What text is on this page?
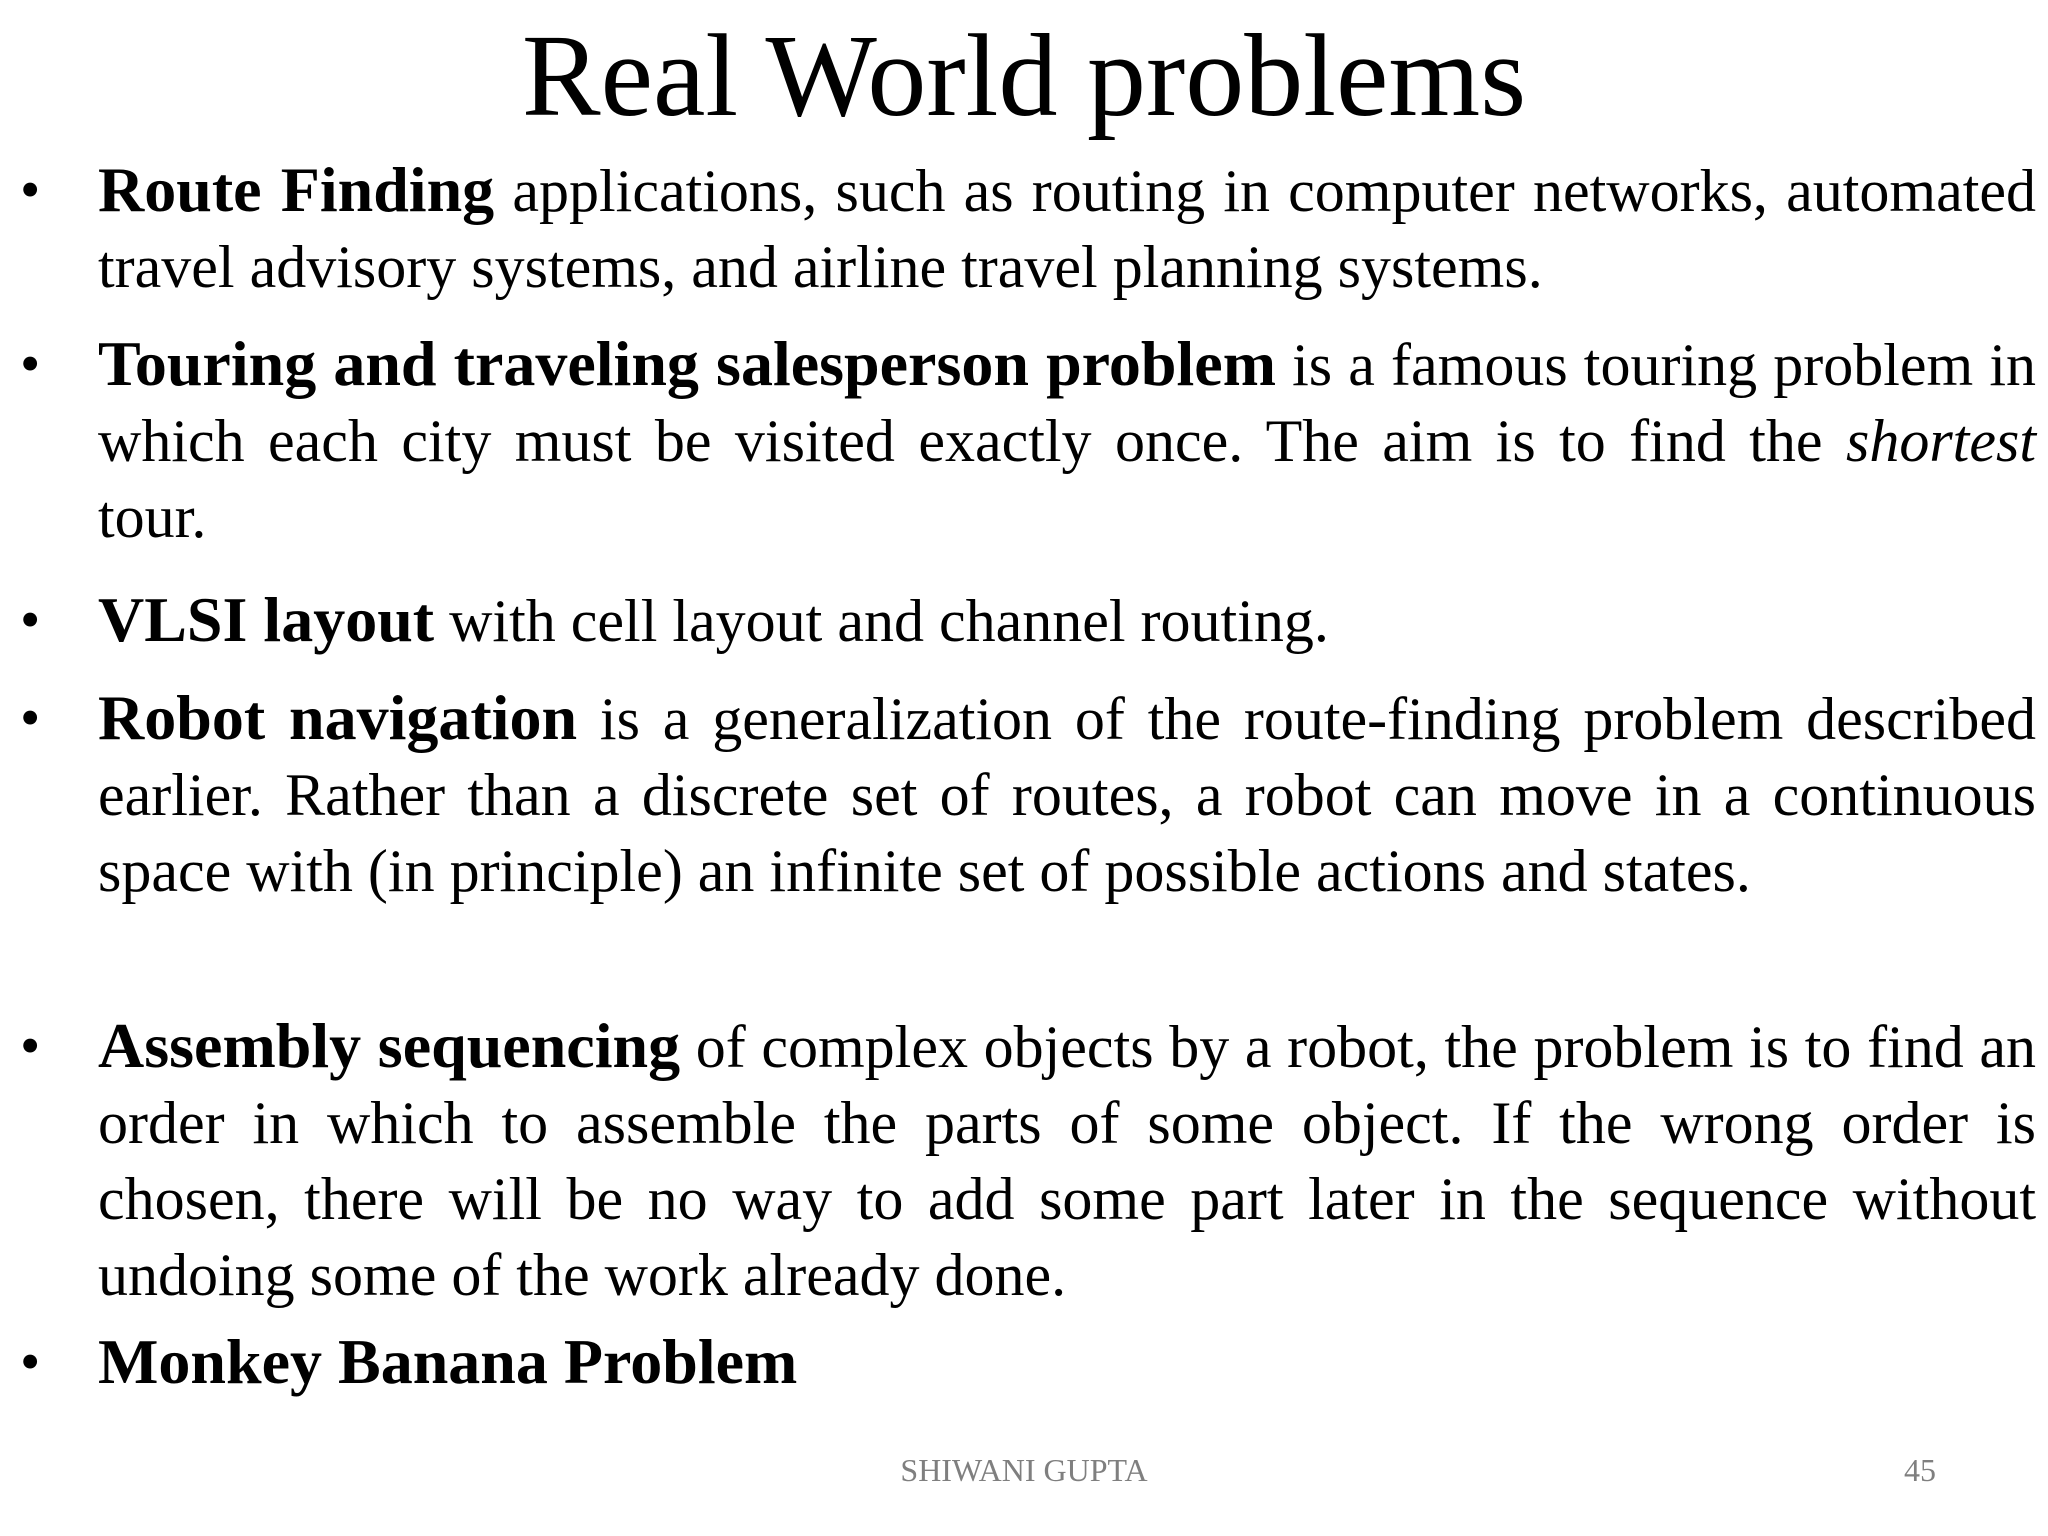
Real World problems
• Route Finding applications, such as routing in computer networks, automated travel advisory systems, and airline travel planning systems.
• Touring and traveling salesperson problem is a famous touring problem in which each city must be visited exactly once. The aim is to find the shortest tour.
• VLSI layout with cell layout and channel routing.
• Robot navigation is a generalization of the route-finding problem described earlier. Rather than a discrete set of routes, a robot can move in a continuous space with (in principle) an infinite set of possible actions and states.
• Assembly sequencing of complex objects by a robot, the problem is to find an order in which to assemble the parts of some object. If the wrong order is chosen, there will be no way to add some part later in the sequence without undoing some of the work already done.
• Monkey Banana Problem
SHIWANI GUPTA	45
